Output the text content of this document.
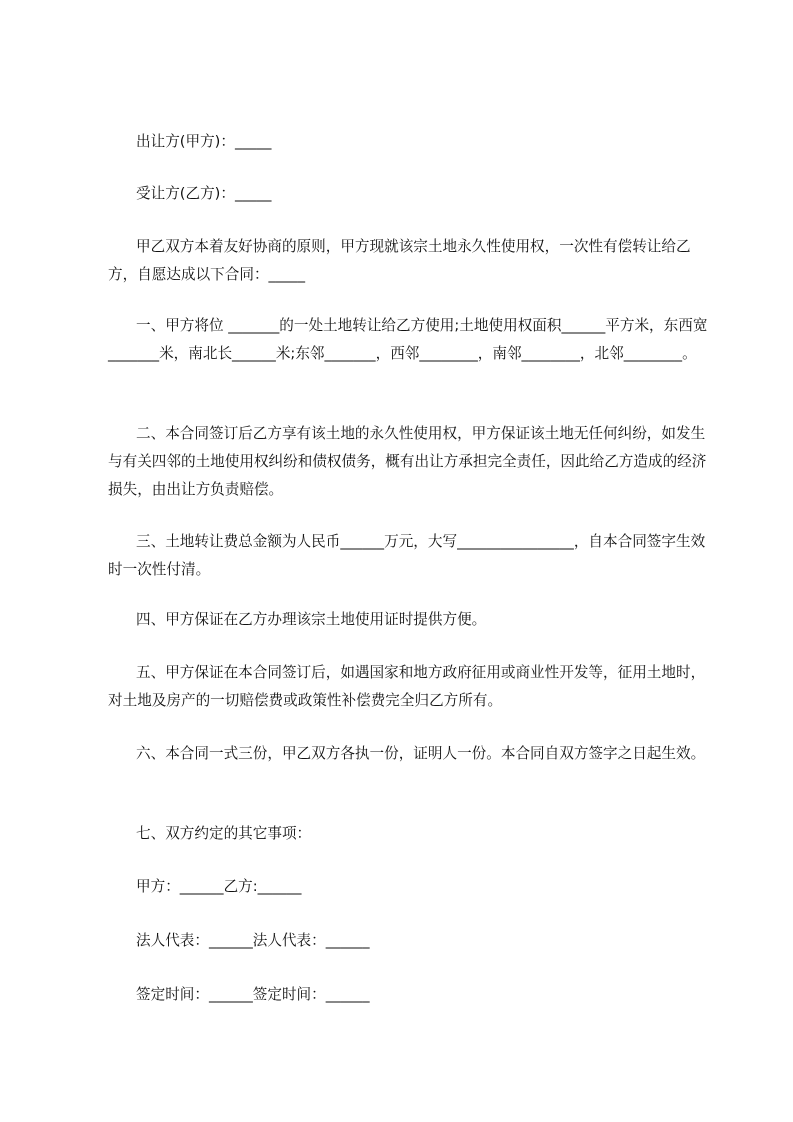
出让方(甲方)：_____

受让方(乙方)：_____

甲乙双方本着友好协商的原则，甲方现就该宗土地永久性使用权，一次性有偿转让给乙方，自愿达成以下合同：_____

一、甲方将位 _______的一处土地转让给乙方使用;土地使用权面积______平方米，东西宽_______米，南北长______米;东邻_______，西邻________，南邻________，北邻________。

二、本合同签订后乙方享有该土地的永久性使用权，甲方保证该土地无任何纠纷，如发生与有关四邻的土地使用权纠纷和债权债务，概有出让方承担完全责任，因此给乙方造成的经济损失，由出让方负责赔偿。

三、土地转让费总金额为人民币______万元，大写________________，自本合同签字生效时一次性付清。

四、甲方保证在乙方办理该宗土地使用证时提供方便。

五、甲方保证在本合同签订后，如遇国家和地方政府征用或商业性开发等，征用土地时，对土地及房产的一切赔偿费或政策性补偿费完全归乙方所有。

六、本合同一式三份，甲乙双方各执一份，证明人一份。本合同自双方签字之日起生效。

七、双方约定的其它事项：

甲方：______乙方:______

法人代表：______法人代表：______

签定时间：______签定时间：______
